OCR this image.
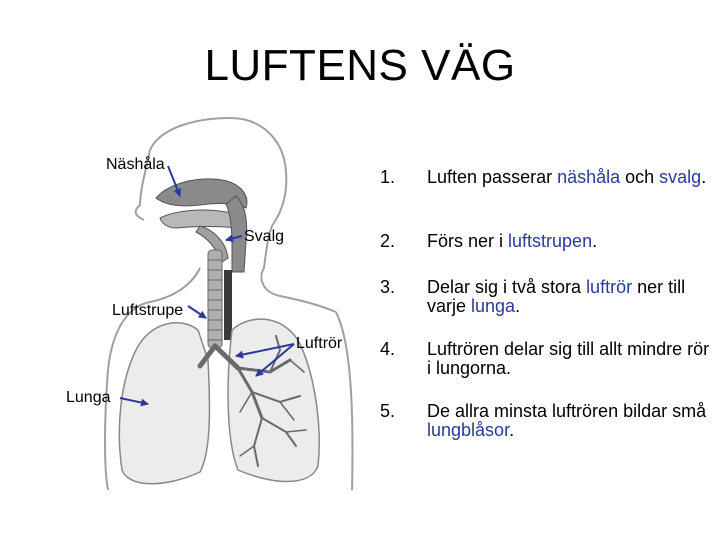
LUFTENS VÄG
Näshåla
Svalg
Luftstrupe
Luftrör
Lunga
1. Luften passerar näshåla och svalg.
2. Förs ner i luftstrupen.
3. Delar sig i två stora luftrör ner till varje lunga.
4. Luftrören delar sig till allt mindre rör i lungorna.
5. De allra minsta luftrören bildar små lungblåsor.
